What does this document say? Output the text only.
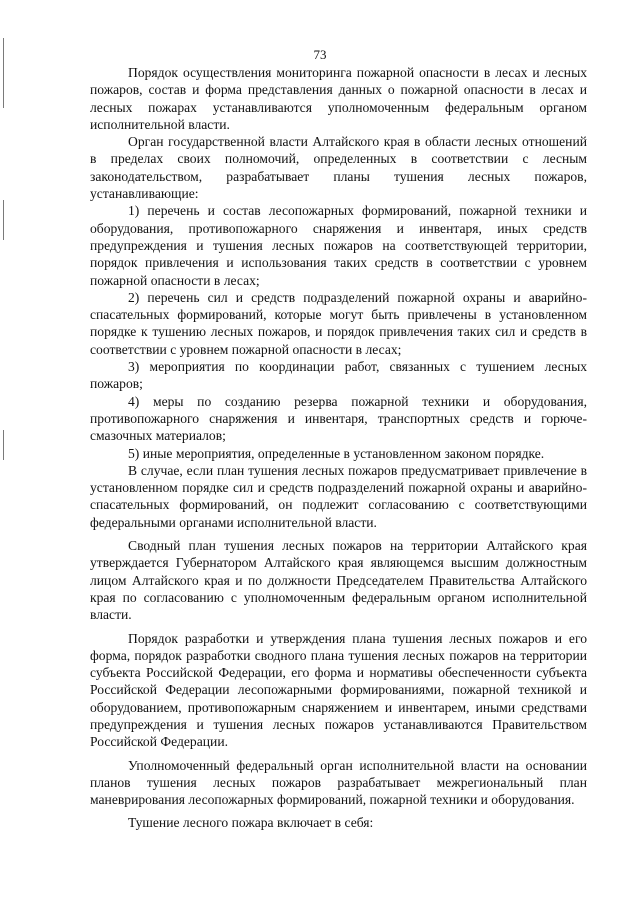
73

Порядок осуществления мониторинга пожарной опасности в лесах и лесных пожаров, состав и форма представления данных о пожарной опасности в лесах и лесных пожарах устанавливаются уполномоченным федеральным органом исполнительной власти.

Орган государственной власти Алтайского края в области лесных отношений в пределах своих полномочий, определенных в соответствии с лесным законодательством, разрабатывает планы тушения лесных пожаров, устанавливающие:

1) перечень и состав лесопожарных формирований, пожарной техники и оборудования, противопожарного снаряжения и инвентаря, иных средств предупреждения и тушения лесных пожаров на соответствующей территории, порядок привлечения и использования таких средств в соответствии с уровнем пожарной опасности в лесах;

2) перечень сил и средств подразделений пожарной охраны и аварийно-спасательных формирований, которые могут быть привлечены в установленном порядке к тушению лесных пожаров, и порядок привлечения таких сил и средств в соответствии с уровнем пожарной опасности в лесах;

3) мероприятия по координации работ, связанных с тушением лесных пожаров;

4) меры по созданию резерва пожарной техники и оборудования, противопожарного снаряжения и инвентаря, транспортных средств и горюче-смазочных материалов;

5) иные мероприятия, определенные в установленном законом порядке.

В случае, если план тушения лесных пожаров предусматривает привлечение в установленном порядке сил и средств подразделений пожарной охраны и аварийно-спасательных формирований, он подлежит согласованию с соответствующими федеральными органами исполнительной власти.

Сводный план тушения лесных пожаров на территории Алтайского края утверждается Губернатором Алтайского края являющемся высшим должностным лицом Алтайского края и по должности Председателем Правительства Алтайского края по согласованию с уполномоченным федеральным органом исполнительной власти.

Порядок разработки и утверждения плана тушения лесных пожаров и его форма, порядок разработки сводного плана тушения лесных пожаров на территории субъекта Российской Федерации, его форма и нормативы обеспеченности субъекта Российской Федерации лесопожарными формированиями, пожарной техникой и оборудованием, противопожарным снаряжением и инвентарем, иными средствами предупреждения и тушения лесных пожаров устанавливаются Правительством Российской Федерации.

Уполномоченный федеральный орган исполнительной власти на основании планов тушения лесных пожаров разрабатывает межрегиональный план маневрирования лесопожарных формирований, пожарной техники и оборудования.

Тушение лесного пожара включает в себя:
